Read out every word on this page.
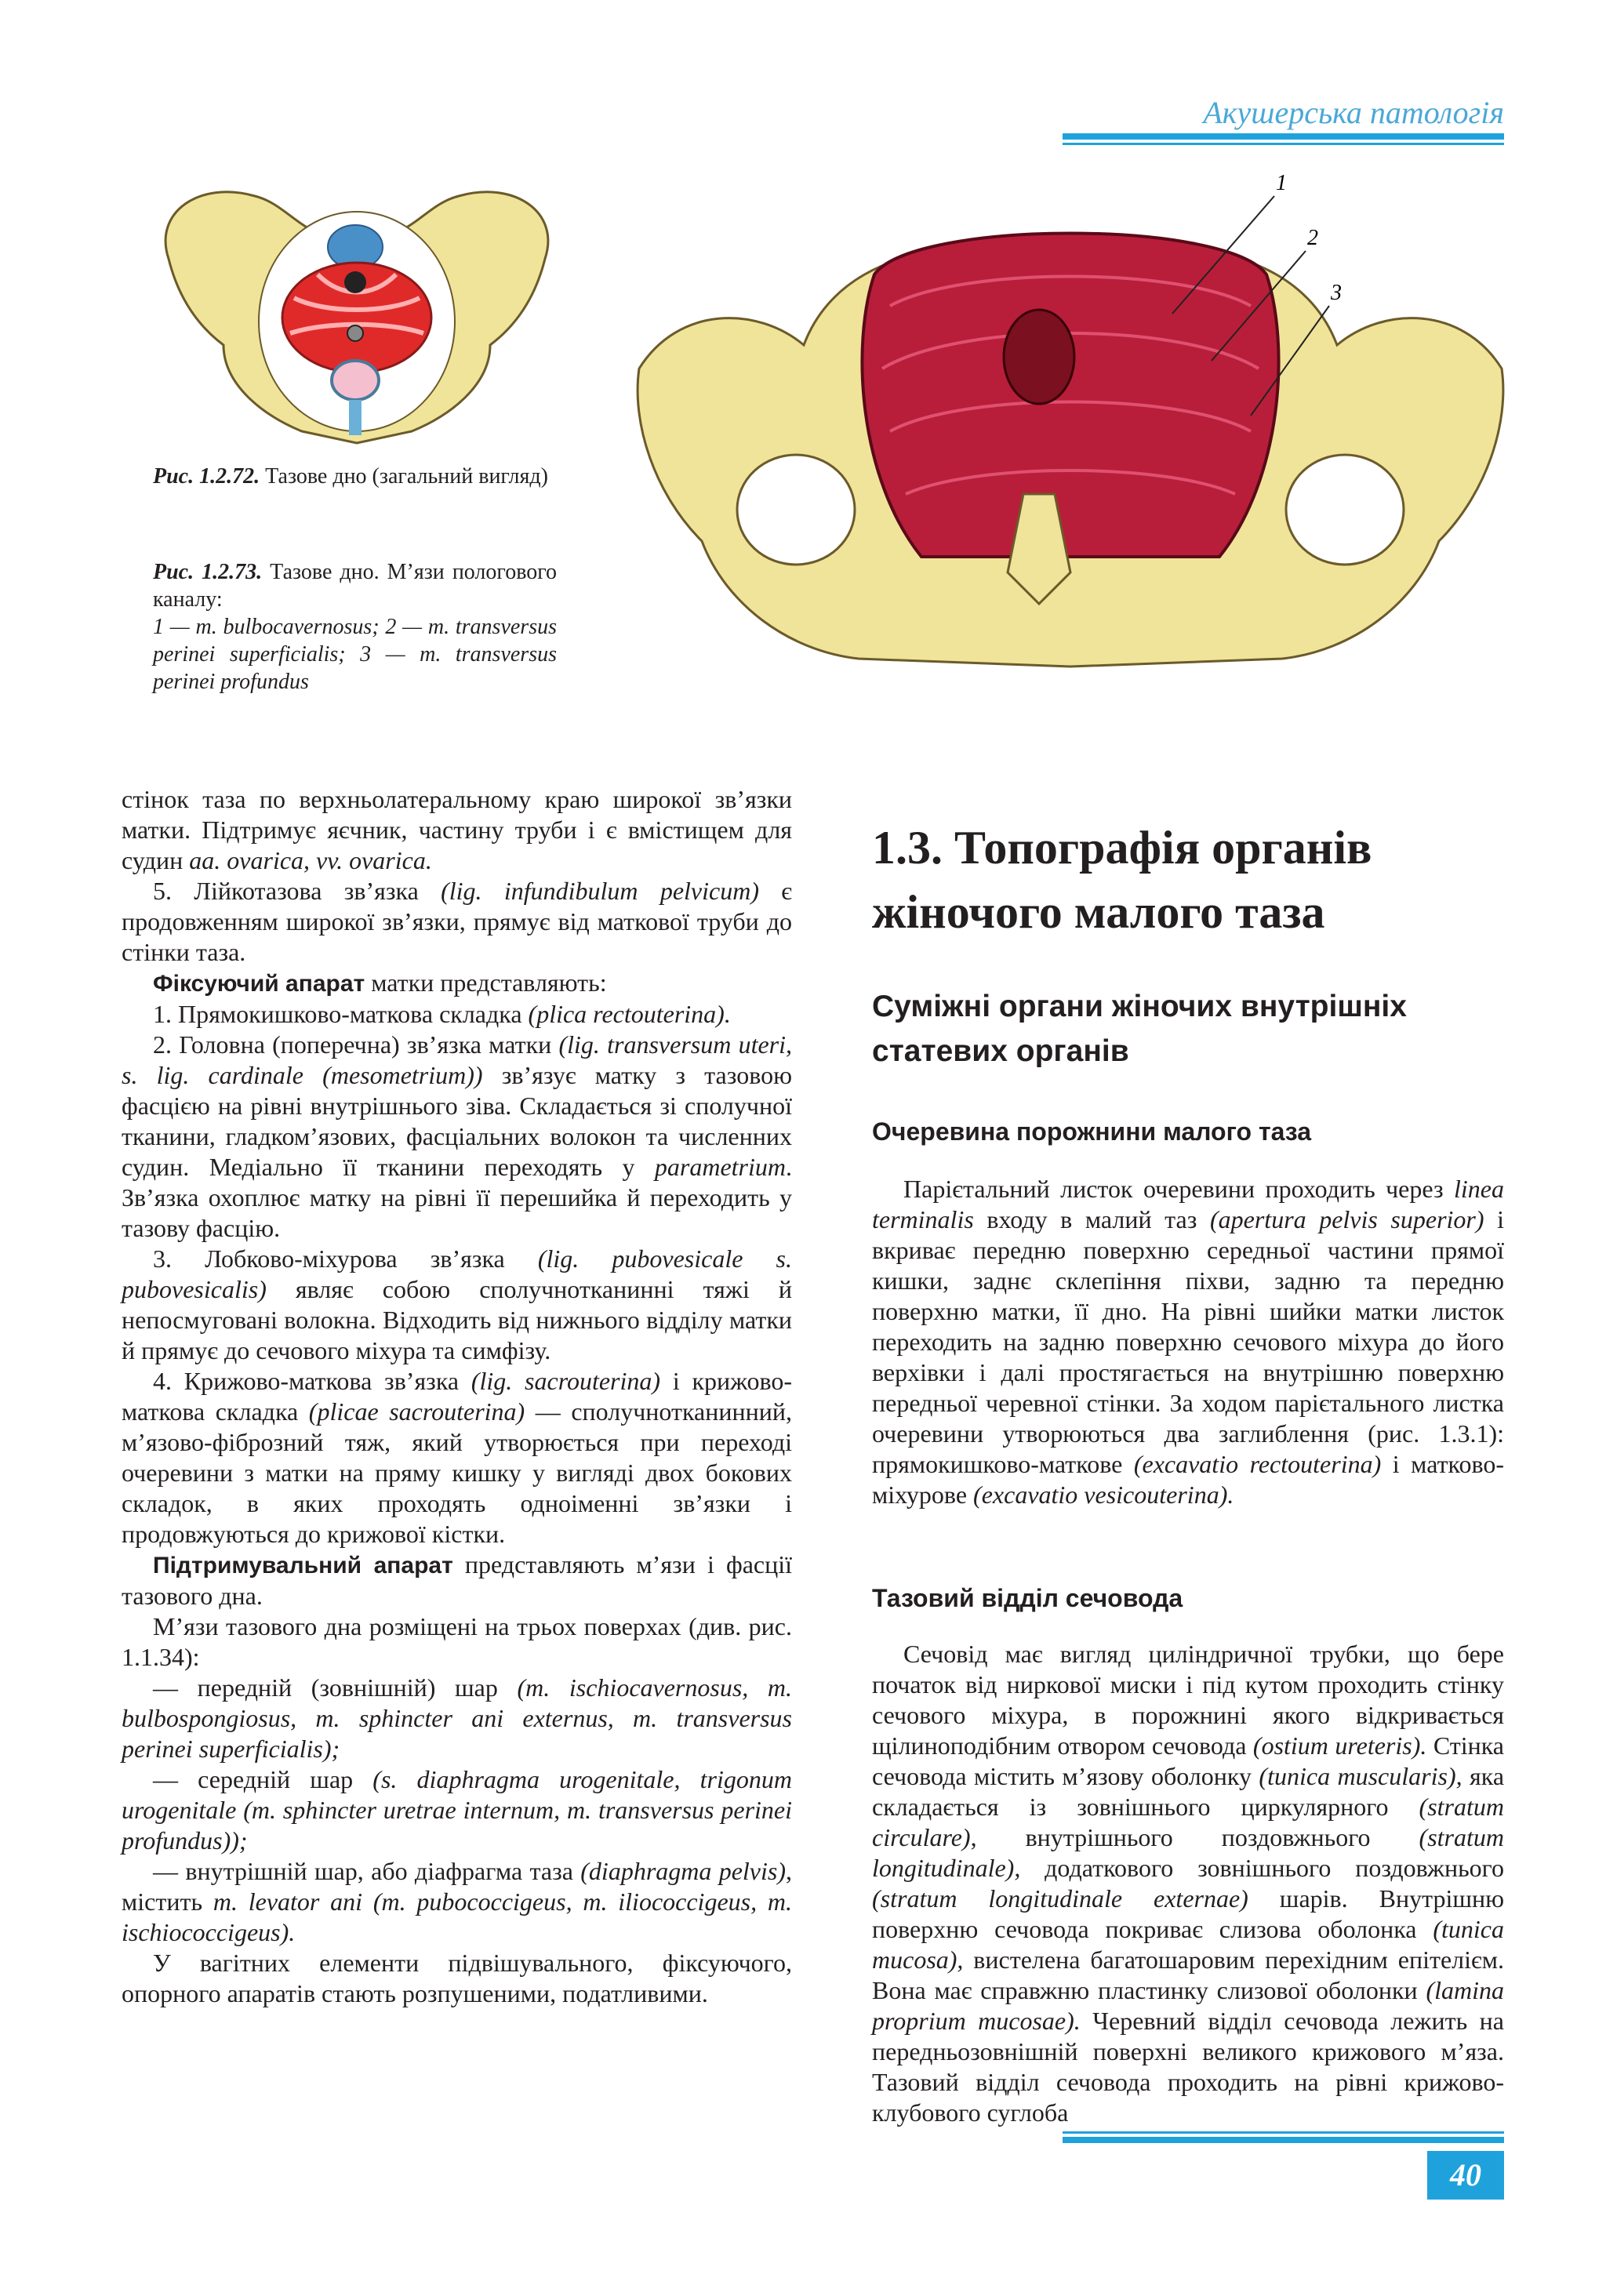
Акушерська патологія
Рис. 1.2.72. Тазове дно (загальний вигляд)
Рис. 1.2.73. Тазове дно. М’язи пологового каналу:
1 — m. bulbocavernosus; 2 — m. transversus perinei superficialis; 3 — m. transversus perinei profundus
1
2
3

стінок таза по верхньолатеральному краю широкої зв’язки матки. Підтримує яєчник, частину труби і є вмістищем для судин aa. ovarica, vv. ovarica.

5. Лійкотазова зв’язка (lig. infundibulum pelvicum) є продовженням широкої зв’язки, прямує від маткової труби до стінки таза.

Фіксуючий апарат матки представляють:

1. Прямокишково-маткова складка (plica rectouterina).

2. Головна (поперечна) зв’язка матки (lig. transversum uteri, s. lig. cardinale (mesometrium)) зв’язує матку з тазовою фасцією на рівні внутрішнього зіва. Складається зі сполучної тканини, гладком’язових, фасціальних волокон та численних судин. Медіально її тканини переходять у parametrium. Зв’язка охоплює матку на рівні її перешийка й переходить у тазову фасцію.

3. Лобково-міхурова зв’язка (lig. pubovesicale s. pubovesicalis) являє собою сполучнотканинні тяжі й непосмуговані волокна. Відходить від нижнього відділу матки й прямує до сечового міхура та симфізу.

4. Крижово-маткова зв’язка (lig. sacrouterina) і крижово-маткова складка (plicae sacrouterina) — сполучнотканинний, м’язово-фіброзний тяж, який утворюється при переході очеревини з матки на пряму кишку у вигляді двох бокових складок, в яких проходять одноіменні зв’язки і продовжуються до крижової кістки.

Підтримувальний апарат представляють м’язи і фасції тазового дна.

М’язи тазового дна розміщені на трьох поверхах (див. рис. 1.1.34):

— передній (зовнішній) шар (m. ischiocavernosus, m. bulbospongiosus, m. sphincter ani externus, m. transversus perinei superficialis);

— середній шар (s. diaphragma urogenitale, trigonum urogenitale (m. sphincter uretrae internum, m. transversus perinei profundus));

— внутрішній шар, або діафрагма таза (diaphragma pelvis), містить m. levator ani (m. pubococcigeus, m. iliococcigeus, m. ischiococcigeus).

У вагітних елементи підвішувального, фіксуючого, опорного апаратів стають розпушеними, податливими.

1.3. Топографія органів жіночого малого таза
Суміжні органи жіночих внутрішніх статевих органів
Очеревина порожнини малого таза

Парієтальний листок очеревини проходить через linea terminalis входу в малий таз (apertura pelvis superior) і вкриває передню поверхню середньої частини прямої кишки, заднє склепіння піхви, задню та передню поверхню матки, її дно. На рівні шийки матки листок переходить на задню поверхню сечового міхура до його верхівки і далі простягається на внутрішню поверхню передньої черевної стінки. За ходом парієтального листка очеревини утворюються два заглиблення (рис. 1.3.1): прямокишково-маткове (excavatio rectouterina) і матково-міхурове (excavatio vesicouterina).

Тазовий відділ сечовода

Сечовід має вигляд циліндричної трубки, що бере початок від ниркової миски і під кутом проходить стінку сечового міхура, в порожнині якого відкривається щілиноподібним отвором сечовода (ostium ureteris). Стінка сечовода містить м’язову оболонку (tunica muscularis), яка складається із зовнішнього циркулярного (stratum circulare), внутрішнього поздовжнього (stratum longitudinale), додаткового зовнішнього поздовжнього (stratum longitudinale externae) шарів. Внутрішню поверхню сечовода покриває слизова оболонка (tunica mucosa), вистелена багатошаровим перехідним епітелієм. Вона має справжню пластинку слизової оболонки (lamina proprium mucosae). Черевний відділ сечовода лежить на передньозовнішній поверхні великого крижового м’яза. Тазовий відділ сечовода проходить на рівні крижово-клубового суглоба

40
